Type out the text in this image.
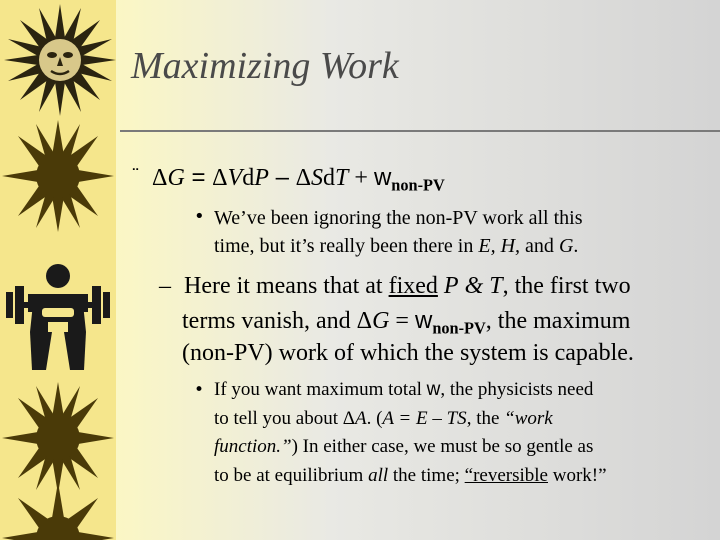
Maximizing Work
¨ $\Delta G = \Delta VdP - \Delta SdT + w_{non-PV}$
• We’ve been ignoring the non-PV work all this
time, but it’s really been there in E, H, and G.
– Here it means that at fixed P & T, the first two
terms vanish, and $\Delta G = w_{non-PV}$, the maximum
(non-PV) work of which the system is capable.
• If you want maximum total w, the physicists need
to tell you about ΔA. (A = E – TS, the “work
function.”) In either case, we must be so gentle as
to be at equilibrium all the time; “reversible work!”
